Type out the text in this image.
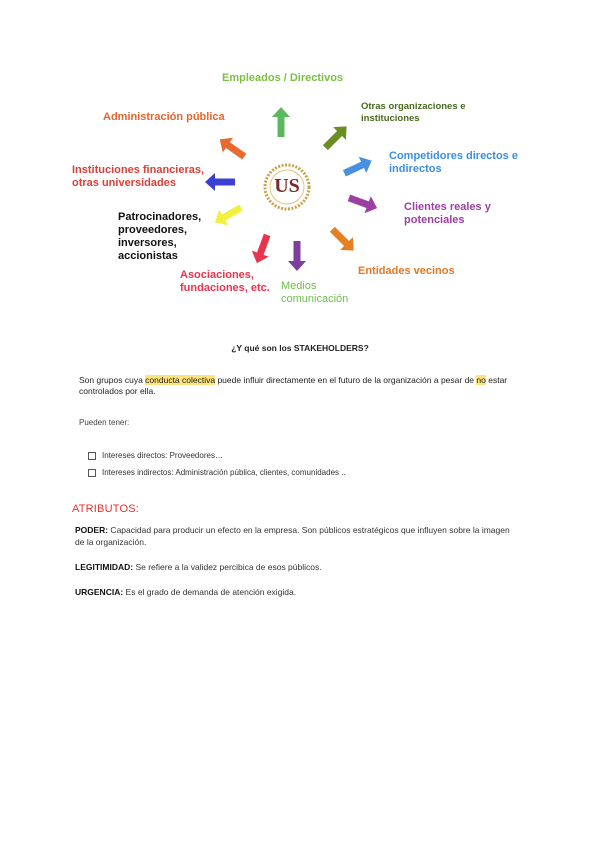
US
Empleados / Directivos
Otras organizaciones e instituciones
Competidores directos e indirectos
Clientes reales y potenciales
Entidades vecinos
Medios comunicación
Asociaciones, fundaciones, etc.
Patrocinadores, proveedores, inversores, accionistas
Instituciones financieras, otras universidades
Administración pública
¿Y qué son los STAKEHOLDERS?
Son grupos cuya conducta colectiva puede influir directamente en el futuro de la organización a pesar de no estar controlados por ella.
Pueden tener:
Intereses directos: Proveedores…
Intereses indirectos: Administración pública, clientes, comunidades ..
ATRIBUTOS:
PODER: Capacidad para producir un efecto en la empresa. Son públicos estratégicos que influyen sobre la imagen de la organización.
LEGITIMIDAD: Se refiere a la validez percibica de esos públicos.
URGENCIA: Es el grado de demanda de atención exigida.
